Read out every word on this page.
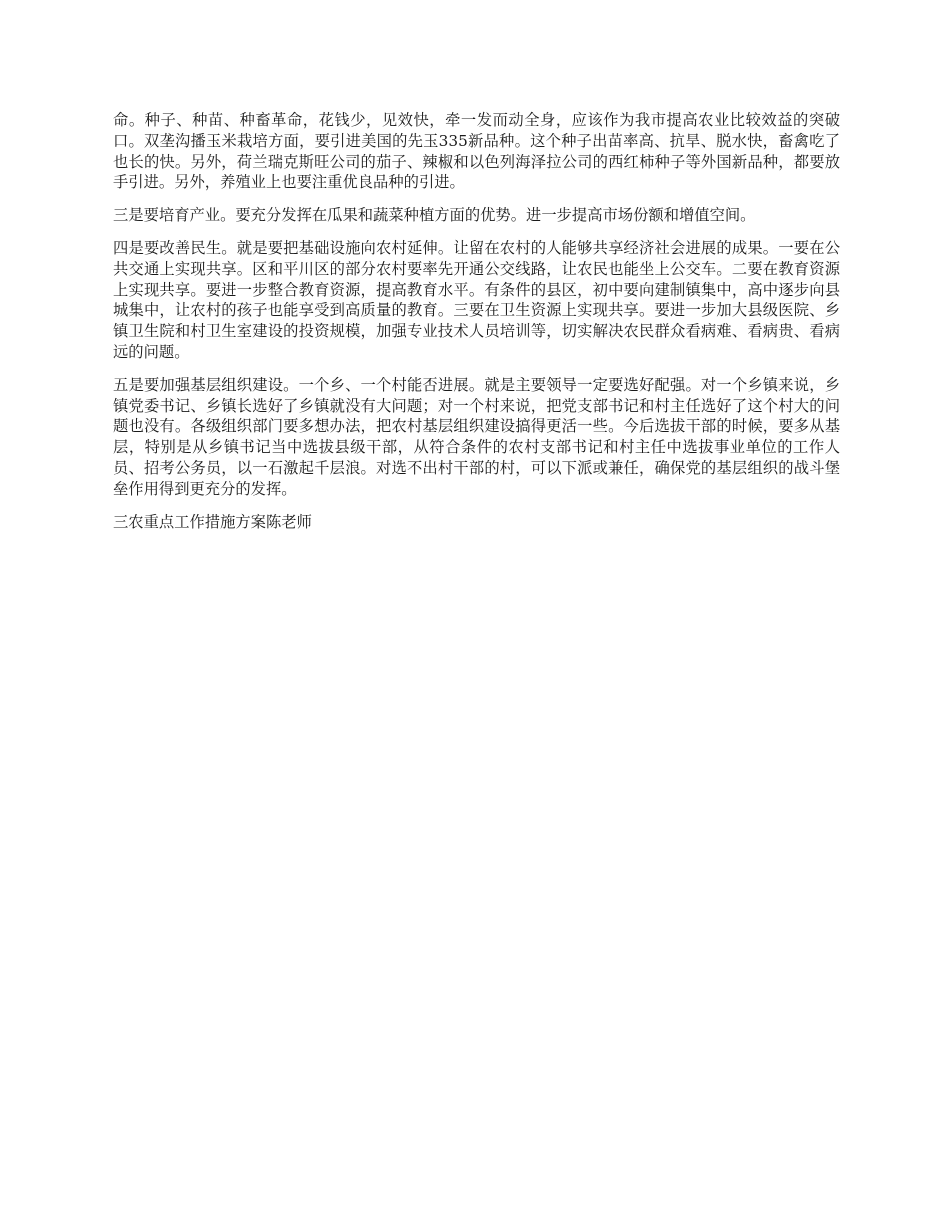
命。种子、种苗、种畜革命，花钱少，见效快，牵一发而动全身，应该作为我市提高农业比较效益的突破口。双垄沟播玉米栽培方面，要引进美国的先玉335新品种。这个种子出苗率高、抗旱、脱水快，畜禽吃了也长的快。另外，荷兰瑞克斯旺公司的茄子、辣椒和以色列海泽拉公司的西红柿种子等外国新品种，都要放手引进。另外，养殖业上也要注重优良品种的引进。

三是要培育产业。要充分发挥在瓜果和蔬菜种植方面的优势。进一步提高市场份额和增值空间。

四是要改善民生。就是要把基础设施向农村延伸。让留在农村的人能够共享经济社会进展的成果。一要在公共交通上实现共享。区和平川区的部分农村要率先开通公交线路，让农民也能坐上公交车。二要在教育资源上实现共享。要进一步整合教育资源，提高教育水平。有条件的县区，初中要向建制镇集中，高中逐步向县城集中，让农村的孩子也能享受到高质量的教育。三要在卫生资源上实现共享。要进一步加大县级医院、乡镇卫生院和村卫生室建设的投资规模，加强专业技术人员培训等，切实解决农民群众看病难、看病贵、看病远的问题。

五是要加强基层组织建设。一个乡、一个村能否进展。就是主要领导一定要选好配强。对一个乡镇来说，乡镇党委书记、乡镇长选好了乡镇就没有大问题；对一个村来说，把党支部书记和村主任选好了这个村大的问题也没有。各级组织部门要多想办法，把农村基层组织建设搞得更活一些。今后选拔干部的时候，要多从基层，特别是从乡镇书记当中选拔县级干部，从符合条件的农村支部书记和村主任中选拔事业单位的工作人员、招考公务员，以一石激起千层浪。对选不出村干部的村，可以下派或兼任，确保党的基层组织的战斗堡垒作用得到更充分的发挥。

三农重点工作措施方案陈老师
